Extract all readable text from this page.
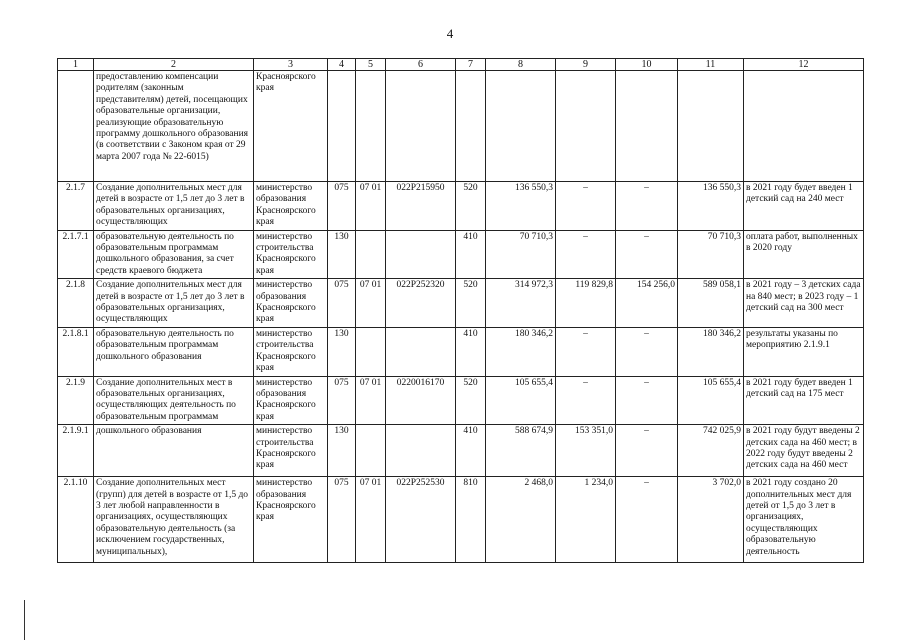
4
1	2	3	4	5	6	7	8	9	10	11	12
	предоставлению компенсации родителям (законным представителям) детей, посещающих образовательные организации, реализующие образовательную программу дошкольного образования (в соответствии с Законом края от 29 марта 2007 года № 22-6015)	Красноярского края									
2.1.7	Создание дополнительных мест для детей в возрасте от 1,5 лет до 3 лет в образовательных организациях, осуществляющих	министерство образования Красноярского края	075	07 01	022P215950	520	136 550,3	–	–	136 550,3	в 2021 году будет введен 1 детский сад на 240 мест
2.1.7.1	образовательную деятельность по образовательным программам дошкольного образования, за счет средств краевого бюджета	министерство строительства Красноярского края	130			410	70 710,3	–	–	70 710,3	оплата работ, выполненных в 2020 году
2.1.8	Создание дополнительных мест для детей в возрасте от 1,5 лет до 3 лет в образовательных организациях, осуществляющих	министерство образования Красноярского края	075	07 01	022P252320	520	314 972,3	119 829,8	154 256,0	589 058,1	в 2021 году – 3 детских сада на 840 мест; в 2023 году – 1 детский сад на 300 мест
2.1.8.1	образовательную деятельность по образовательным программам дошкольного образования	министерство строительства Красноярского края	130			410	180 346,2	–	–	180 346,2	результаты указаны по мероприятию 2.1.9.1
2.1.9	Создание дополнительных мест в образовательных организациях, осуществляющих деятельность по образовательным программам	министерство образования Красноярского края	075	07 01	0220016170	520	105 655,4	–	–	105 655,4	в 2021 году будет введен 1 детский сад на 175 мест
2.1.9.1	дошкольного образования	министерство строительства Красноярского края	130			410	588 674,9	153 351,0	–	742 025,9	в 2021 году будут введены 2 детских сада на 460 мест; в 2022 году будут введены 2 детских сада на 460 мест
2.1.10	Создание дополнительных мест (групп) для детей в возрасте от 1,5 до 3 лет любой направленности в организациях, осуществляющих образовательную деятельность (за исключением государственных, муниципальных),	министерство образования Красноярского края	075	07 01	022P252530	810	2 468,0	1 234,0	–	3 702,0	в 2021 году создано 20 дополнительных мест для детей от 1,5 до 3 лет в организациях, осуществляющих образовательную деятельность
